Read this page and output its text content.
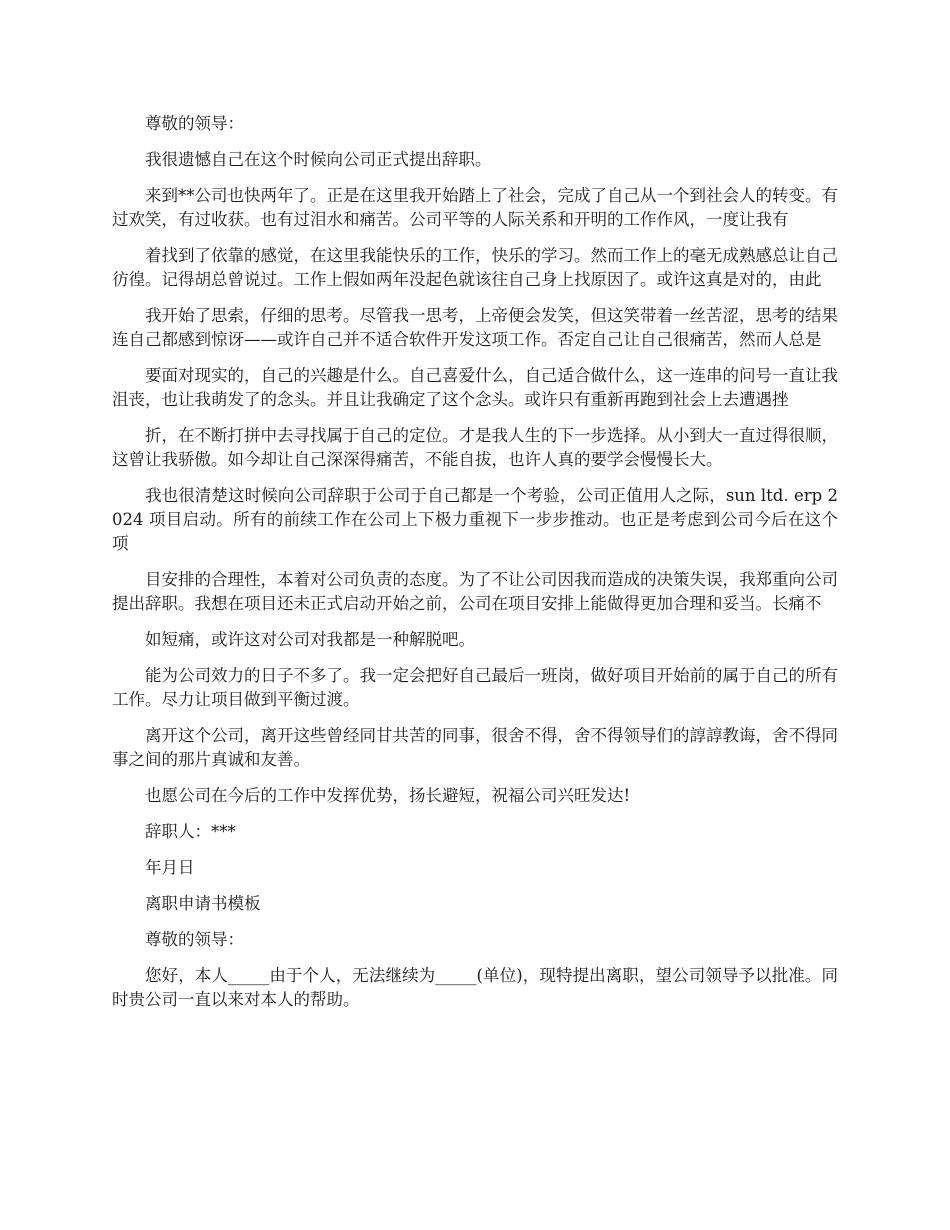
尊敬的领导：

我很遗憾自己在这个时候向公司正式提出辞职。

来到**公司也快两年了。正是在这里我开始踏上了社会，完成了自己从一个到社会人的转变。有过欢笑，有过收获。也有过泪水和痛苦。公司平等的人际关系和开明的工作作风，一度让我有

着找到了依靠的感觉，在这里我能快乐的工作，快乐的学习。然而工作上的毫无成熟感总让自己彷徨。记得胡总曾说过。工作上假如两年没起色就该往自己身上找原因了。或许这真是对的，由此

我开始了思索，仔细的思考。尽管我一思考，上帝便会发笑，但这笑带着一丝苦涩，思考的结果连自己都感到惊讶——或许自己并不适合软件开发这项工作。否定自己让自己很痛苦，然而人总是

要面对现实的，自己的兴趣是什么。自己喜爱什么，自己适合做什么，这一连串的问号一直让我沮丧，也让我萌发了的念头。并且让我确定了这个念头。或许只有重新再跑到社会上去遭遇挫

折，在不断打拼中去寻找属于自己的定位。才是我人生的下一步选择。从小到大一直过得很顺，这曾让我骄傲。如今却让自己深深得痛苦，不能自拔，也许人真的要学会慢慢长大。

我也很清楚这时候向公司辞职于公司于自己都是一个考验，公司正值用人之际，sun ltd. erp 2024 项目启动。所有的前续工作在公司上下极力重视下一步步推动。也正是考虑到公司今后在这个项

目安排的合理性，本着对公司负责的态度。为了不让公司因我而造成的决策失误，我郑重向公司提出辞职。我想在项目还未正式启动开始之前，公司在项目安排上能做得更加合理和妥当。长痛不

如短痛，或许这对公司对我都是一种解脱吧。

能为公司效力的日子不多了。我一定会把好自己最后一班岗，做好项目开始前的属于自己的所有工作。尽力让项目做到平衡过渡。

离开这个公司，离开这些曾经同甘共苦的同事，很舍不得，舍不得领导们的諄諄教诲，舍不得同事之间的那片真诚和友善。

也愿公司在今后的工作中发挥优势，扬长避短，祝福公司兴旺发达!

辞职人：***

年月日

离职申请书模板

尊敬的领导：

您好，本人_____由于个人，无法继续为_____(单位)，现特提出离职，望公司领导予以批准。同时贵公司一直以来对本人的帮助。
